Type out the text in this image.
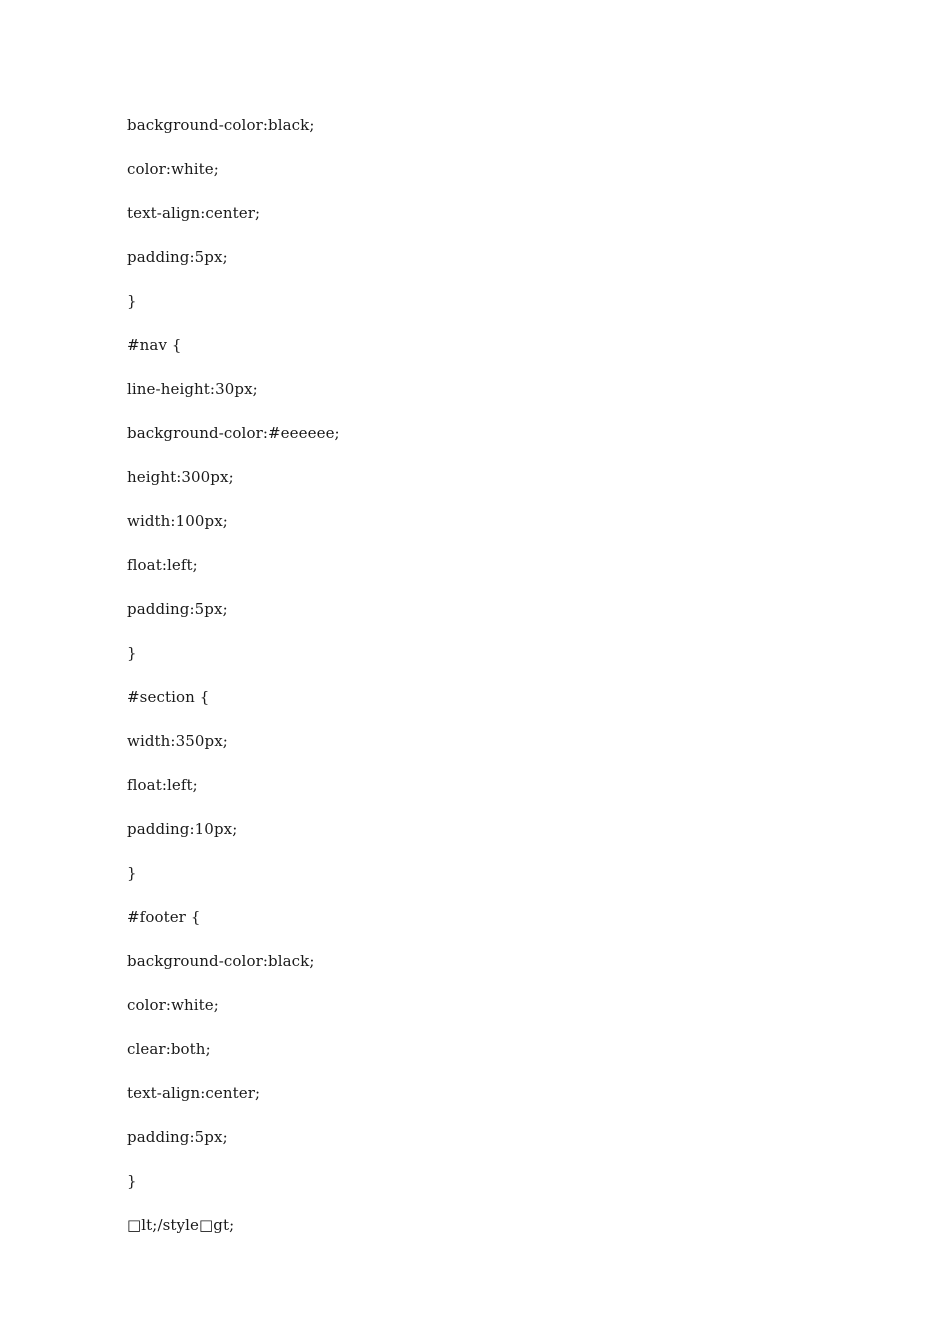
background-color:black;
color:white;
text-align:center;
padding:5px;
}
#nav {
line-height:30px;
background-color:#eeeeee;
height:300px;
width:100px;
float:left;
padding:5px;
}
#section {
width:350px;
float:left;
padding:10px;
}
#footer {
background-color:black;
color:white;
clear:both;
text-align:center;
padding:5px;
}
□lt;/style□gt;
